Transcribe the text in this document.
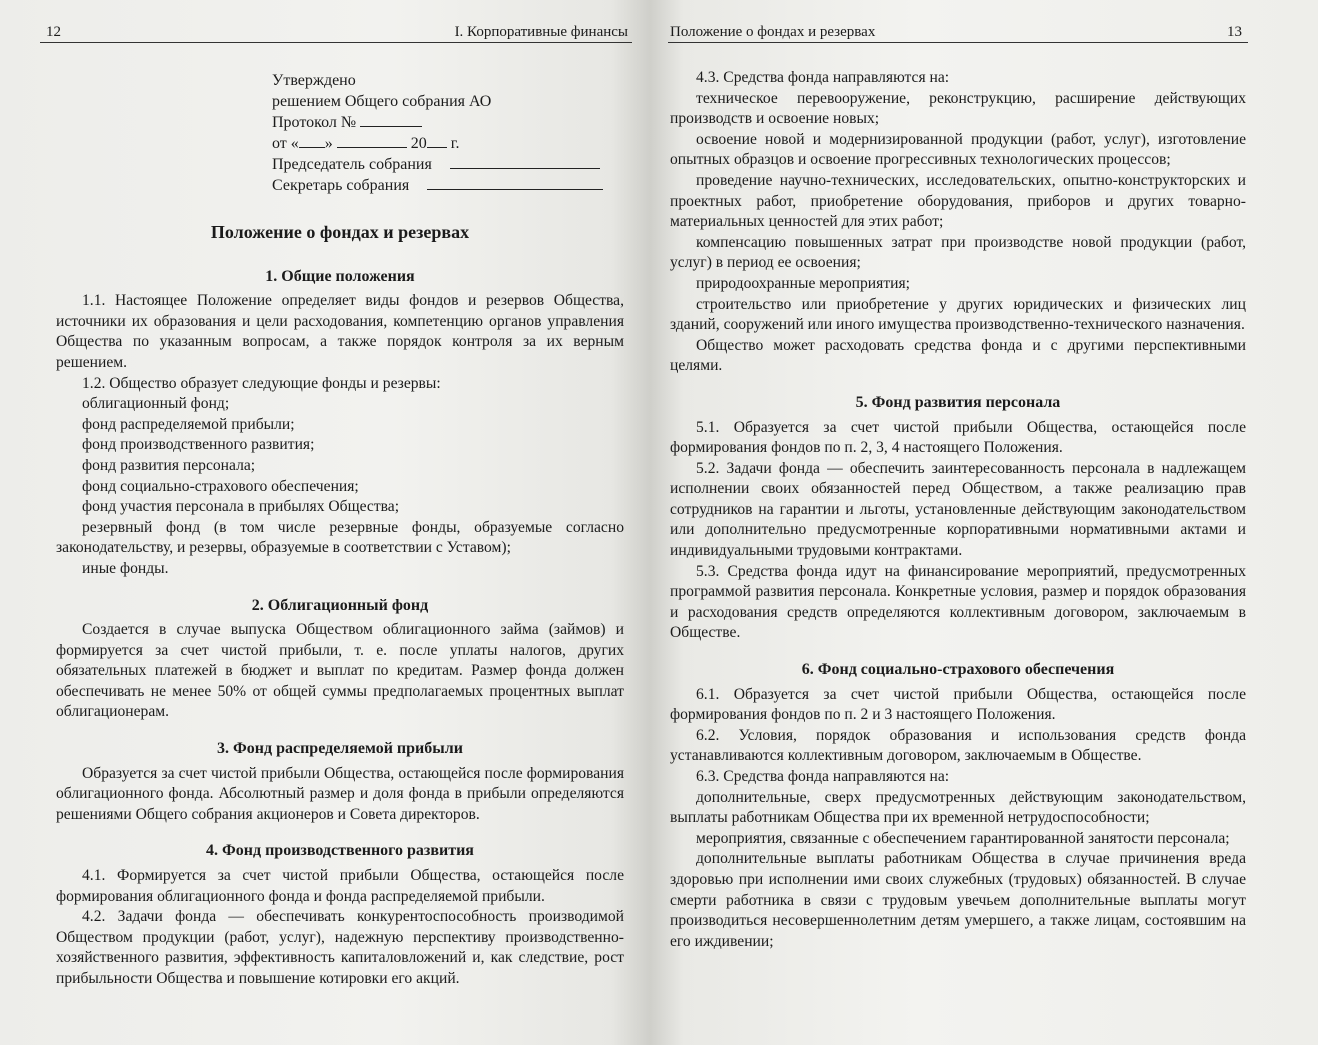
12	I. Корпоративные финансы
Утверждено
решением Общего собрания АО
Протокол №
от « »	20 г.
Председатель собрания
Секретарь собрания
Положение о фондах и резервах
1. Общие положения

1.1. Настоящее Положение определяет виды фондов и резервов Общества, источники их образования и цели расходования, компетенцию органов управления Общества по указанным вопросам, а также порядок контроля за их верным решением.

1.2. Общество образует следующие фонды и резервы:

облигационный фонд;

фонд распределяемой прибыли;

фонд производственного развития;

фонд развития персонала;

фонд социально-страхового обеспечения;

фонд участия персонала в прибылях Общества;

резервный фонд (в том числе резервные фонды, образуемые согласно законодательству, и резервы, образуемые в соответствии с Уставом);

иные фонды.

2. Облигационный фонд

Создается в случае выпуска Обществом облигационного займа (займов) и формируется за счет чистой прибыли, т. е. после уплаты налогов, других обязательных платежей в бюджет и выплат по кредитам. Размер фонда должен обеспечивать не менее 50% от общей суммы предполагаемых процентных выплат облигационерам.

3. Фонд распределяемой прибыли

Образуется за счет чистой прибыли Общества, остающейся после формирования облигационного фонда. Абсолютный размер и доля фонда в прибыли определяются решениями Общего собрания акционеров и Совета директоров.

4. Фонд производственного развития

4.1. Формируется за счет чистой прибыли Общества, остающейся после формирования облигационного фонда и фонда распределяемой прибыли.

4.2. Задачи фонда — обеспечивать конкурентоспособность производимой Обществом продукции (работ, услуг), надежную перспективу производственно-хозяйственного развития, эффективность капиталовложений и, как следствие, рост прибыльности Общества и повышение котировки его акций.

Положение о фондах и резервах	13

4.3. Средства фонда направляются на:

техническое перевооружение, реконструкцию, расширение действующих производств и освоение новых;

освоение новой и модернизированной продукции (работ, услуг), изготовление опытных образцов и освоение прогрессивных технологических процессов;

проведение научно-технических, исследовательских, опытно-конструкторских и проектных работ, приобретение оборудования, приборов и других товарно-материальных ценностей для этих работ;

компенсацию повышенных затрат при производстве новой продукции (работ, услуг) в период ее освоения;

природоохранные мероприятия;

строительство или приобретение у других юридических и физических лиц зданий, сооружений или иного имущества производственно-технического назначения.

Общество может расходовать средства фонда и с другими перспективными целями.

5. Фонд развития персонала

5.1. Образуется за счет чистой прибыли Общества, остающейся после формирования фондов по п. 2, 3, 4 настоящего Положения.

5.2. Задачи фонда — обеспечить заинтересованность персонала в надлежащем исполнении своих обязанностей перед Обществом, а также реализацию прав сотрудников на гарантии и льготы, установленные действующим законодательством или дополнительно предусмотренные корпоративными нормативными актами и индивидуальными трудовыми контрактами.

5.3. Средства фонда идут на финансирование мероприятий, предусмотренных программой развития персонала. Конкретные условия, размер и порядок образования и расходования средств определяются коллективным договором, заключаемым в Обществе.

6. Фонд социально-страхового обеспечения

6.1. Образуется за счет чистой прибыли Общества, остающейся после формирования фондов по п. 2 и 3 настоящего Положения.

6.2. Условия, порядок образования и использования средств фонда устанавливаются коллективным договором, заключаемым в Обществе.

6.3. Средства фонда направляются на:

дополнительные, сверх предусмотренных действующим законодательством, выплаты работникам Общества при их временной нетрудоспособности;

мероприятия, связанные с обеспечением гарантированной занятости персонала;

дополнительные выплаты работникам Общества в случае причинения вреда здоровью при исполнении ими своих служебных (трудовых) обязанностей. В случае смерти работника в связи с трудовым увечьем дополнительные выплаты могут производиться несовершеннолетним детям умершего, а также лицам, состоявшим на его иждивении;
